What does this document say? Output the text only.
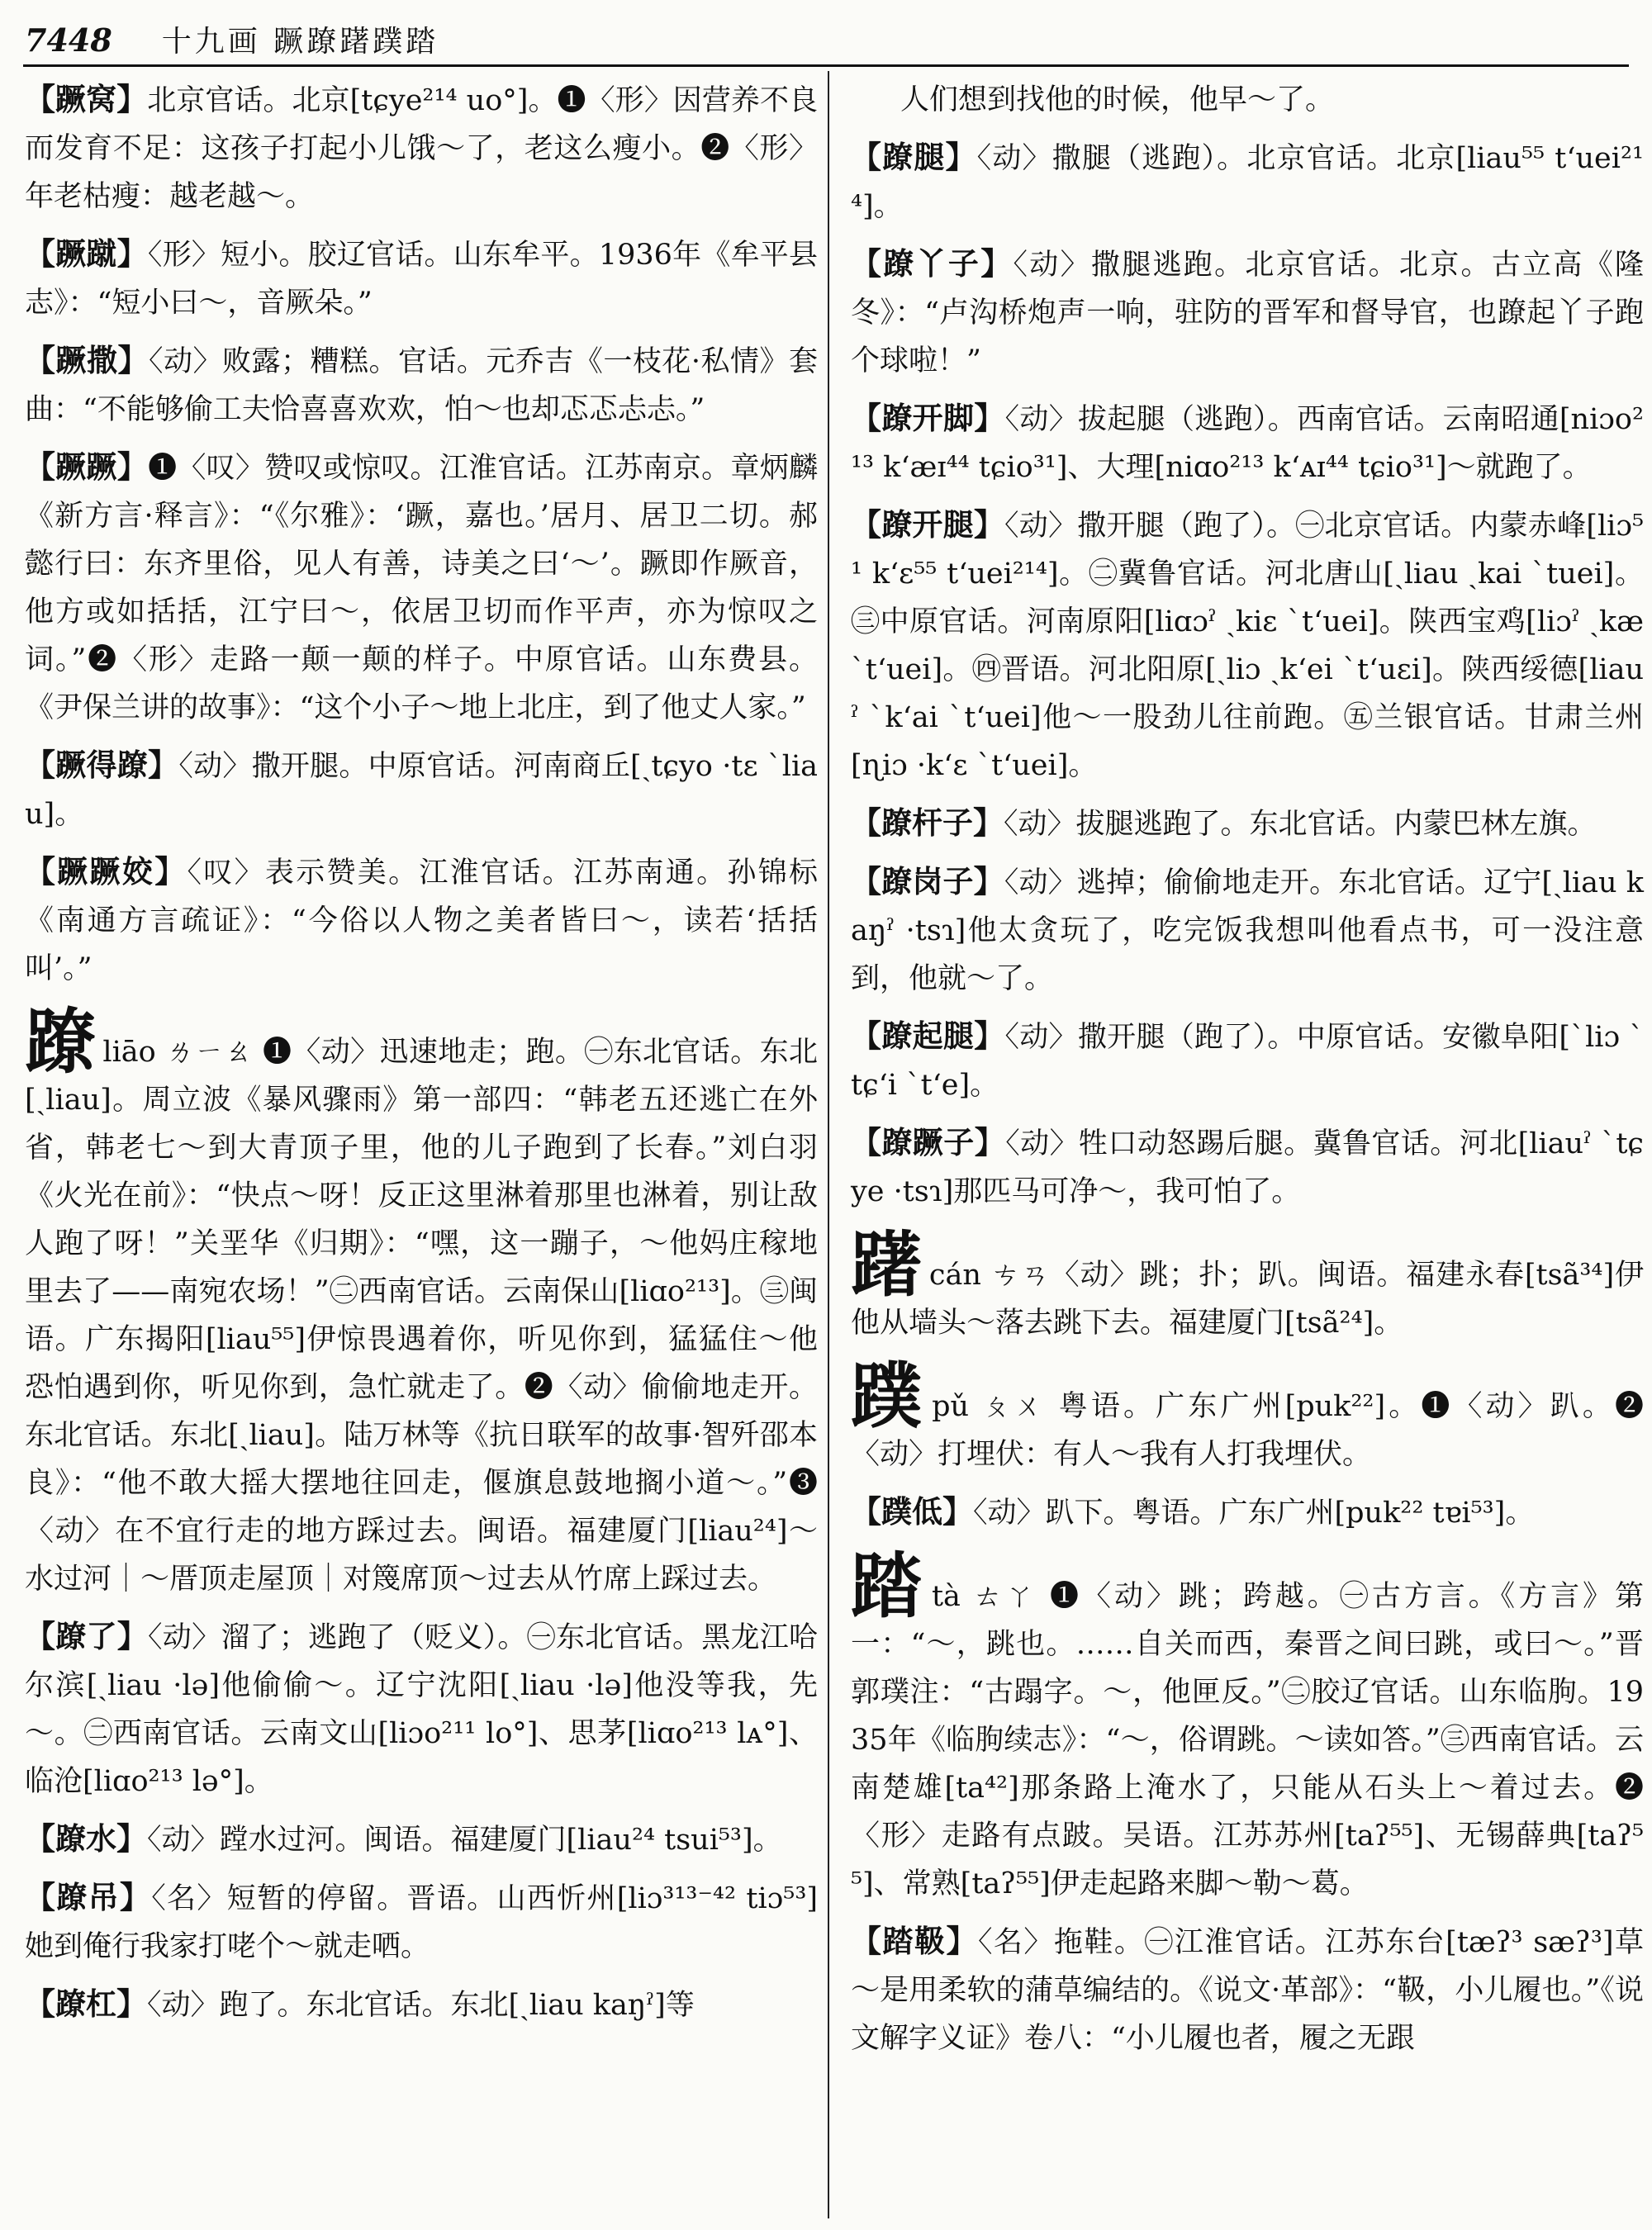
7448 十九画 蹶蹽躇蹼踏

【蹶窝】北京官话。北京[tɕye²¹⁴ uo°]。❶〈形〉因营养不良而发育不足：这孩子打起小儿饿～了，老这么瘦小。❷〈形〉年老枯瘦：越老越～。

【蹶蹴】〈形〉短小。胶辽官话。山东牟平。1936年《牟平县志》：“短小曰～，音厥朵。”

【蹶撒】〈动〉败露；糟糕。官话。元乔吉《一枝花·私情》套曲：“不能够偷工夫恰喜喜欢欢，怕～也却忑忑忐忐。”

【蹶蹶】❶〈叹〉赞叹或惊叹。江淮官话。江苏南京。章炳麟《新方言·释言》：“《尔雅》：‘蹶，嘉也。’居月、居卫二切。郝懿行曰：东齐里俗，见人有善，诗美之曰‘～’。蹶即作厥音，他方或如括括，江宁曰～，依居卫切而作平声，亦为惊叹之词。”❷〈形〉走路一颠一颠的样子。中原官话。山东费县。《尹保兰讲的故事》：“这个小子～地上北庄，到了他丈人家。”

【蹶得蹽】〈动〉撒开腿。中原官话。河南商丘[ˏtɕyo ·tɛ ˋliau]。

【蹶蹶姣】〈叹〉表示赞美。江淮官话。江苏南通。孙锦标《南通方言疏证》：“今俗以人物之美者皆曰～，读若‘括括叫’。”

蹽liāo ㄌㄧㄠ ❶〈动〉迅速地走；跑。㊀东北官话。东北[ˏliau]。周立波《暴风骤雨》第一部四：“韩老五还逃亡在外省，韩老七～到大青顶子里，他的儿子跑到了长春。”刘白羽《火光在前》：“快点～呀！反正这里淋着那里也淋着，别让敌人跑了呀！”关垩华《归期》：“嘿，这一蹦子，～他妈庄稼地里去了——南宛农场！”㊁西南官话。云南保山[liɑo²¹³]。㊂闽语。广东揭阳[liau⁵⁵]伊惊畏遇着你，听见你到，猛猛住～他恐怕遇到你，听见你到，急忙就走了。❷〈动〉偷偷地走开。东北官话。东北[ˏliau]。陆万林等《抗日联军的故事·智歼邵本良》：“他不敢大摇大摆地往回走，偃旗息鼓地搁小道～。”❸〈动〉在不宜行走的地方踩过去。闽语。福建厦门[liau²⁴]～水过河｜～厝顶走屋顶｜对篾席顶～过去从竹席上踩过去。

【蹽了】〈动〉溜了；逃跑了（贬义）。㊀东北官话。黑龙江哈尔滨[ˏliau ·lə]他偷偷～。辽宁沈阳[ˏliau ·lə]他没等我，先～。㊁西南官话。云南文山[liɔo²¹¹ lo°]、思茅[liɑo²¹³ lᴀ°]、临沧[liɑo²¹³ lə°]。

【蹽水】〈动〉蹚水过河。闽语。福建厦门[liau²⁴ tsui⁵³]。

【蹽吊】〈名〉短暂的停留。晋语。山西忻州[liɔ³¹³⁻⁴² tiɔ⁵³]她到俺行我家打咾个～就走哂。

【蹽杠】〈动〉跑了。东北官话。东北[ˏliau kaŋˀ]等

人们想到找他的时候，他早～了。

【蹽腿】〈动〉撒腿（逃跑）。北京官话。北京[liau⁵⁵ tʻuei²¹⁴]。

【蹽丫子】〈动〉撒腿逃跑。北京官话。北京。古立高《隆冬》：“卢沟桥炮声一响，驻防的晋军和督导官，也蹽起丫子跑个球啦！”

【蹽开脚】〈动〉拔起腿（逃跑）。西南官话。云南昭通[niɔo²¹³ kʻæɪ⁴⁴ tɕio³¹]、大理[niɑo²¹³ kʻᴀɪ⁴⁴ tɕio³¹]～就跑了。

【蹽开腿】〈动〉撒开腿（跑了）。㊀北京官话。内蒙赤峰[liɔ⁵¹ kʻɛ⁵⁵ tʻuei²¹⁴]。㊁冀鲁官话。河北唐山[ˏliau ˏkai ˋtuei]。㊂中原官话。河南原阳[liɑɔˀ ˏkiɛ ˋtʻuei]。陕西宝鸡[liɔˀ ˏkæ ˋtʻuei]。㊃晋语。河北阳原[ˏliɔ ˏkʻei ˋtʻuɛi]。陕西绥德[liauˀ ˋkʻai ˋtʻuei]他～一股劲儿往前跑。㊄兰银官话。甘肃兰州[ɳiɔ ·kʻɛ ˋtʻuei]。

【蹽杆子】〈动〉拔腿逃跑了。东北官话。内蒙巴林左旗。

【蹽岗子】〈动〉逃掉；偷偷地走开。东北官话。辽宁[ˏliau kaŋˀ ·tsɿ]他太贪玩了，吃完饭我想叫他看点书，可一没注意到，他就～了。

【蹽起腿】〈动〉撒开腿（跑了）。中原官话。安徽阜阳[ˋliɔ ˋtɕʻi ˋtʻe]。

【蹽蹶子】〈动〉牲口动怒踢后腿。冀鲁官话。河北[liauˀ ˋtɕye ·tsɿ]那匹马可净～，我可怕了。

躇cán ㄘㄢ〈动〉跳；扑；趴。闽语。福建永春[tsã³⁴]伊他从墙头～落去跳下去。福建厦门[tsã²⁴]。

蹼pǔ ㄆㄨ 粤语。广东广州[puk²²]。❶〈动〉趴。❷〈动〉打埋伏：有人～我有人打我埋伏。

【蹼低】〈动〉趴下。粤语。广东广州[puk²² tɐi⁵³]。

踏tà ㄊㄚ ❶〈动〉跳；跨越。㊀古方言。《方言》第一：“～，跳也。……自关而西，秦晋之间曰跳，或曰～。”晋郭璞注：“古蹋字。～，他匣反。”㊁胶辽官话。山东临朐。1935年《临朐续志》：“～，俗谓跳。～读如答。”㊂西南官话。云南楚雄[ta⁴²]那条路上淹水了，只能从石头上～着过去。❷〈形〉走路有点跛。吴语。江苏苏州[taʔ⁵⁵]、无锡薛典[taʔ⁵⁵]、常熟[taʔ⁵⁵]伊走起路来脚～勒～葛。

【踏靸】〈名〉拖鞋。㊀江淮官话。江苏东台[tæʔ³ sæʔ³]草～是用柔软的蒲草编结的。《说文·革部》：“靸，小儿履也。”《说文解字义证》卷八：“小儿履也者，履之无跟
